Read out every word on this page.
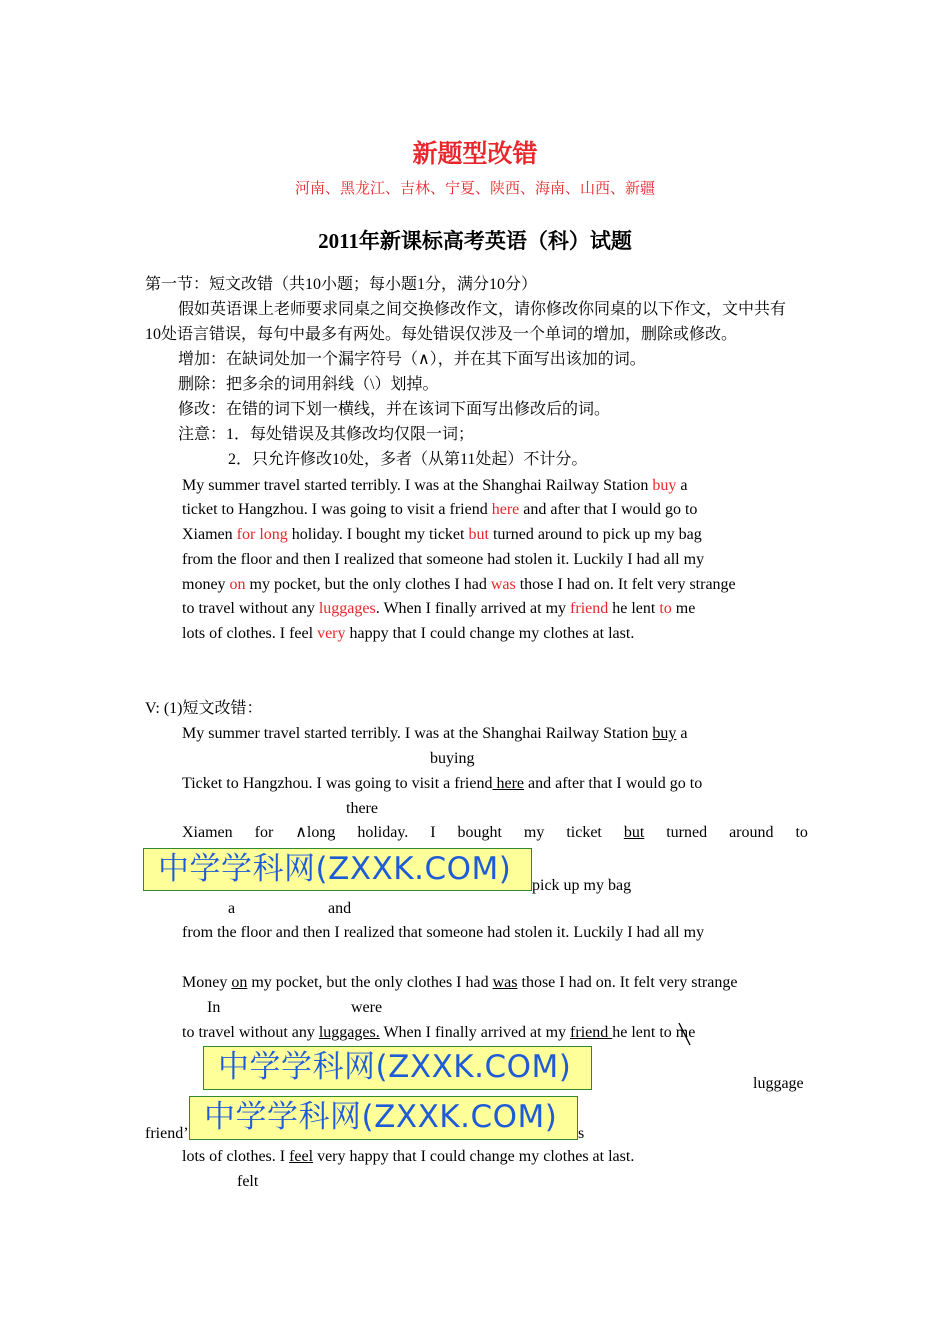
新题型改错
河南、黑龙江、吉林、宁夏、陕西、海南、山西、新疆
2011年新课标高考英语（科）试题
第一节：短文改错（共10小题；每小题1分，满分10分）
假如英语课上老师要求同桌之间交换修改作文，请你修改你同桌的以下作文，文中共有
10处语言错误，每句中最多有两处。每处错误仅涉及一个单词的增加，删除或修改。
增加：在缺词处加一个漏字符号（∧），并在其下面写出该加的词。
删除：把多余的词用斜线（\）划掉。
修改：在错的词下划一横线，并在该词下面写出修改后的词。
注意：1．每处错误及其修改均仅限一词；
2．只允许修改10处，多者（从第11处起）不计分。
My summer travel started terribly. I was at the Shanghai Railway Station buy a
ticket to Hangzhou. I was going to visit a friend here and after that I would go to
Xiamen for long holiday. I bought my ticket but turned around to pick up my bag
from the floor and then I realized that someone had stolen it. Luckily I had all my
money on my pocket, but the only clothes I had was those I had on. It felt very strange
to travel without any luggages. When I finally arrived at my friend he lent to me
lots of clothes. I feel very happy that I could change my clothes at last.
V: (1)短文改错：
My summer travel started terribly. I was at the Shanghai Railway Station buy a
buying
Ticket to Hangzhou. I was going to visit a friend here and after that I would go to
there
Xiamen for ∧long holiday. I bought my ticket but turned around to
中学学科网(ZXXK.COM)	pick up my bag
a	and
from the floor and then I realized that someone had stolen it. Luckily I had all my
Money on my pocket, but the only clothes I had was those I had on. It felt very strange
In	were
to travel without any luggages. When I finally arrived at my friend he lent to me
中学学科网(ZXXK.COM)	luggage
中学学科网(ZXXK.COM)
friend’	s
lots of clothes. I feel very happy that I could change my clothes at last.
felt
